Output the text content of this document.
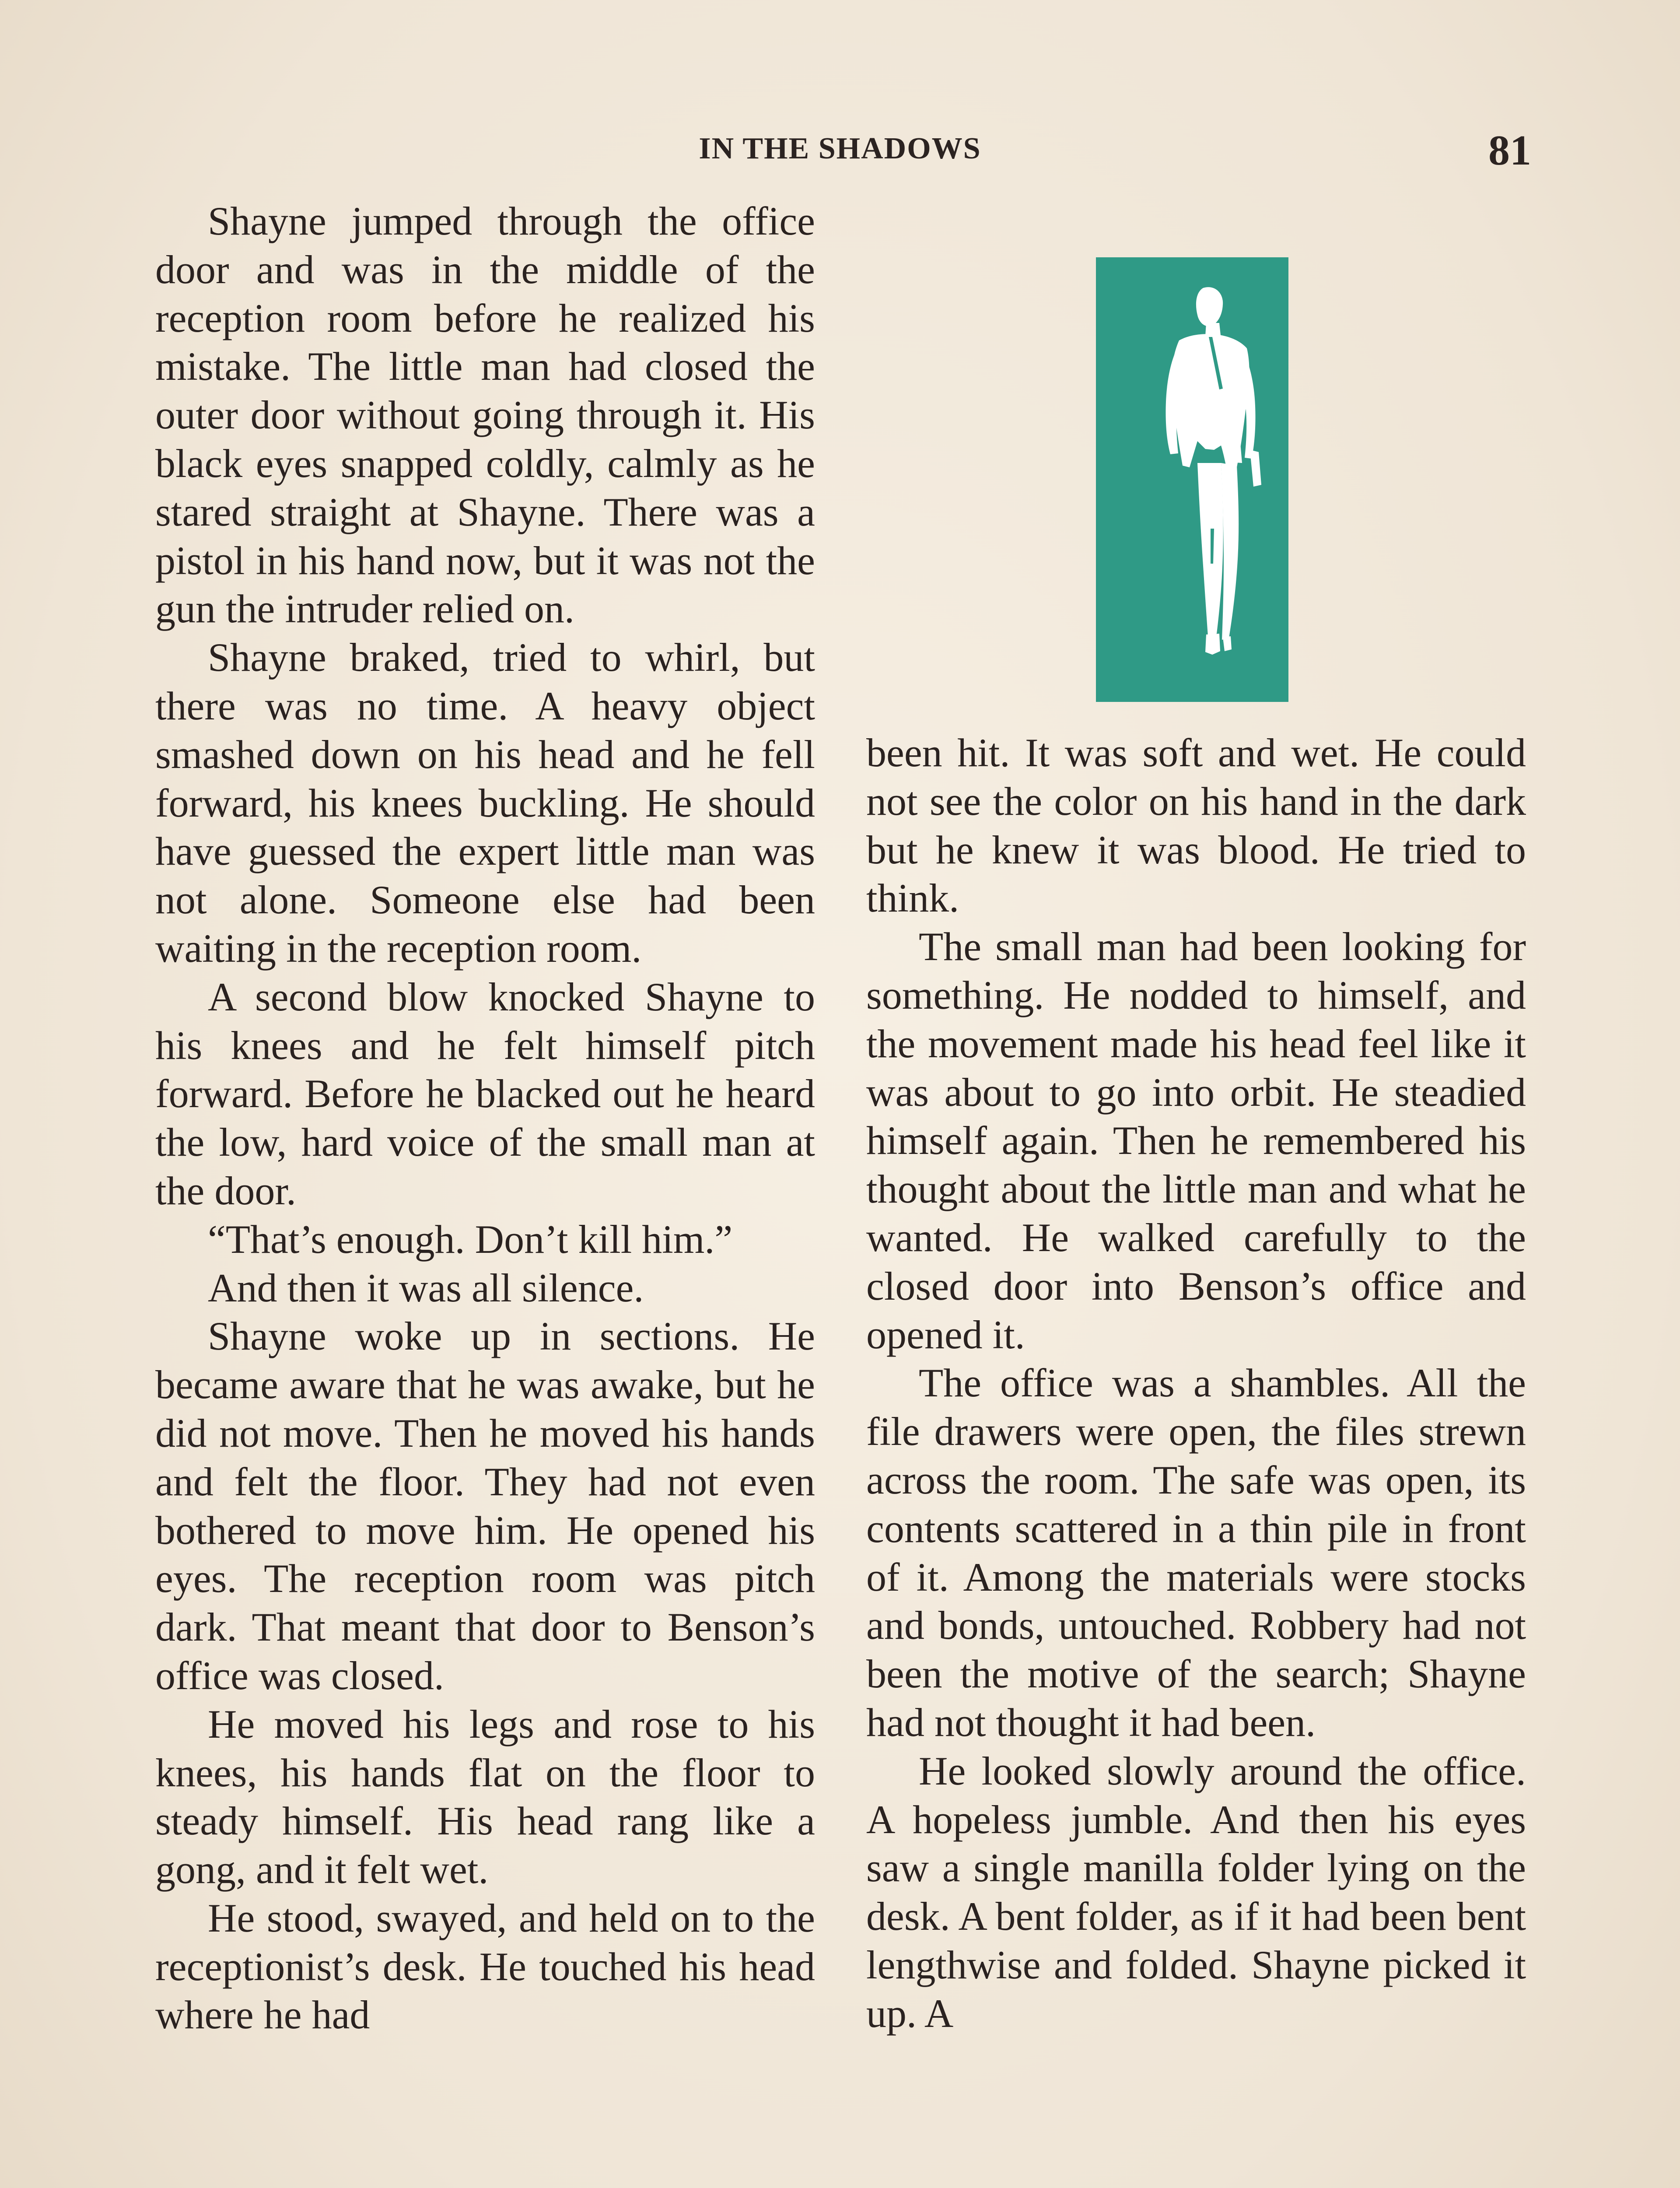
IN THE SHADOWS	81

Shayne jumped through the office door and was in the middle of the reception room before he realized his mistake. The little man had closed the outer door without going through it. His black eyes snapped coldly, calmly as he stared straight at Shayne. There was a pistol in his hand now, but it was not the gun the intruder relied on.

Shayne braked, tried to whirl, but there was no time. A heavy object smashed down on his head and he fell forward, his knees buckling. He should have guessed the expert little man was not alone. Someone else had been waiting in the reception room.

A second blow knocked Shayne to his knees and he felt himself pitch forward. Before he blacked out he heard the low, hard voice of the small man at the door.

“That’s enough. Don’t kill him.”

And then it was all silence.

Shayne woke up in sections. He became aware that he was awake, but he did not move. Then he moved his hands and felt the floor. They had not even bothered to move him. He opened his eyes. The reception room was pitch dark. That meant that door to Benson’s office was closed.

He moved his legs and rose to his knees, his hands flat on the floor to steady himself. His head rang like a gong, and it felt wet.

He stood, swayed, and held on to the receptionist’s desk. He touched his head where he had

been hit. It was soft and wet. He could not see the color on his hand in the dark but he knew it was blood. He tried to think.

The small man had been looking for something. He nodded to himself, and the movement made his head feel like it was about to go into orbit. He steadied himself again. Then he remembered his thought about the little man and what he wanted. He walked carefully to the closed door into Benson’s office and opened it.

The office was a shambles. All the file drawers were open, the files strewn across the room. The safe was open, its contents scattered in a thin pile in front of it. Among the materials were stocks and bonds, untouched. Robbery had not been the motive of the search; Shayne had not thought it had been.

He looked slowly around the office. A hopeless jumble. And then his eyes saw a single manilla folder lying on the desk. A bent folder, as if it had been bent lengthwise and folded. Shayne picked it up. A
